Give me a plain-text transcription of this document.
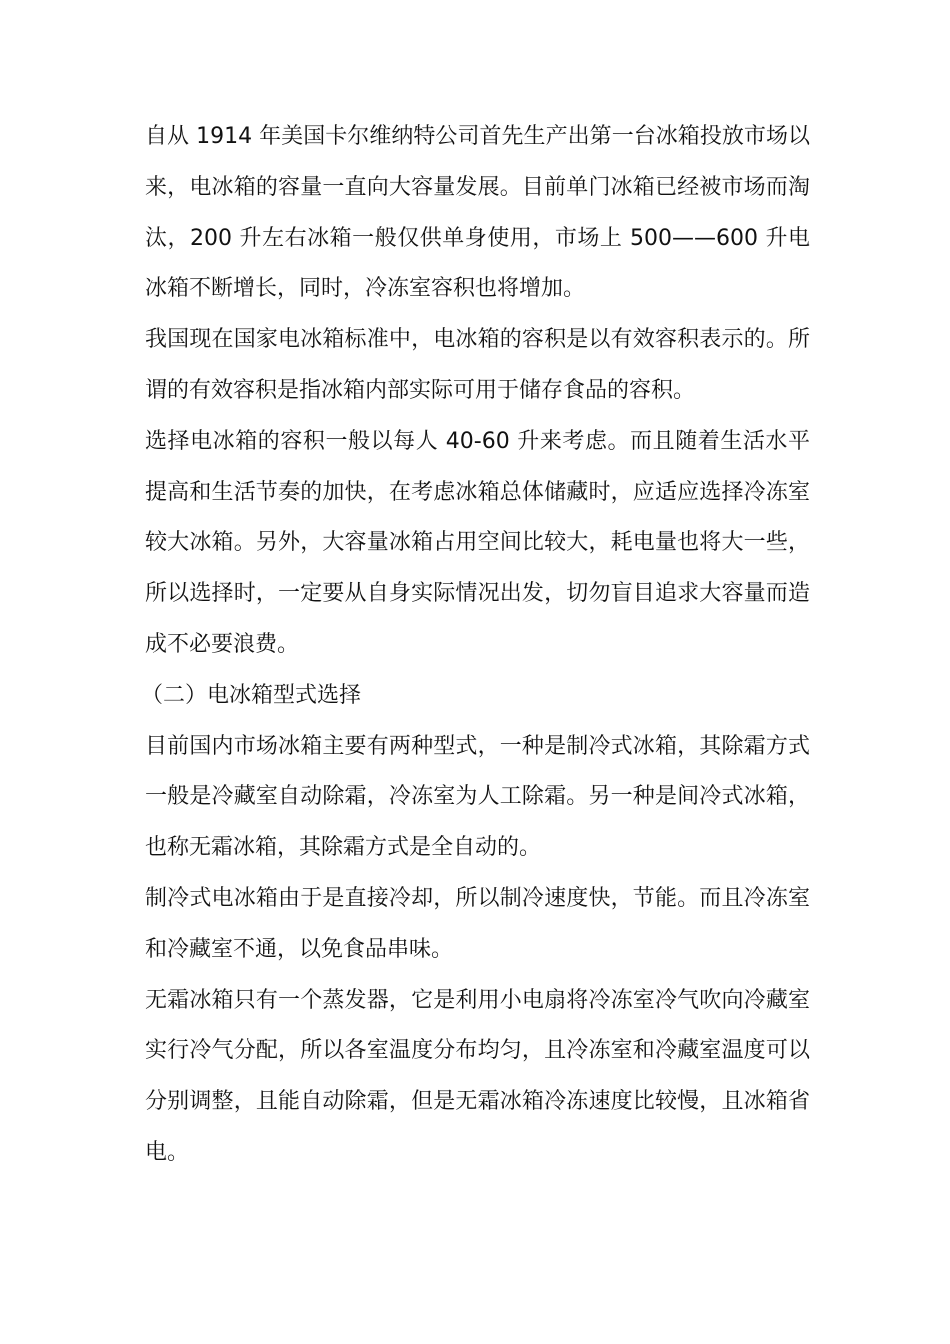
自从 1914 年美国卡尔维纳特公司首先生产出第一台冰箱投放市场以来，电冰箱的容量一直向大容量发展。目前单门冰箱已经被市场而淘汰，200 升左右冰箱一般仅供单身使用，市场上 500——600 升电冰箱不断增长，同时，冷冻室容积也将增加。

我国现在国家电冰箱标准中，电冰箱的容积是以有效容积表示的。所谓的有效容积是指冰箱内部实际可用于储存食品的容积。

选择电冰箱的容积一般以每人 40-60 升来考虑。而且随着生活水平提高和生活节奏的加快，在考虑冰箱总体储藏时，应适应选择冷冻室较大冰箱。另外，大容量冰箱占用空间比较大，耗电量也将大一些，所以选择时，一定要从自身实际情况出发，切勿盲目追求大容量而造成不必要浪费。

（二）电冰箱型式选择

目前国内市场冰箱主要有两种型式，一种是制冷式冰箱，其除霜方式一般是冷藏室自动除霜，冷冻室为人工除霜。另一种是间冷式冰箱，也称无霜冰箱，其除霜方式是全自动的。

制冷式电冰箱由于是直接冷却，所以制冷速度快，节能。而且冷冻室和冷藏室不通，以免食品串味。

无霜冰箱只有一个蒸发器，它是利用小电扇将冷冻室冷气吹向冷藏室实行冷气分配，所以各室温度分布均匀，且冷冻室和冷藏室温度可以分别调整，且能自动除霜，但是无霜冰箱冷冻速度比较慢，且冰箱省电。
